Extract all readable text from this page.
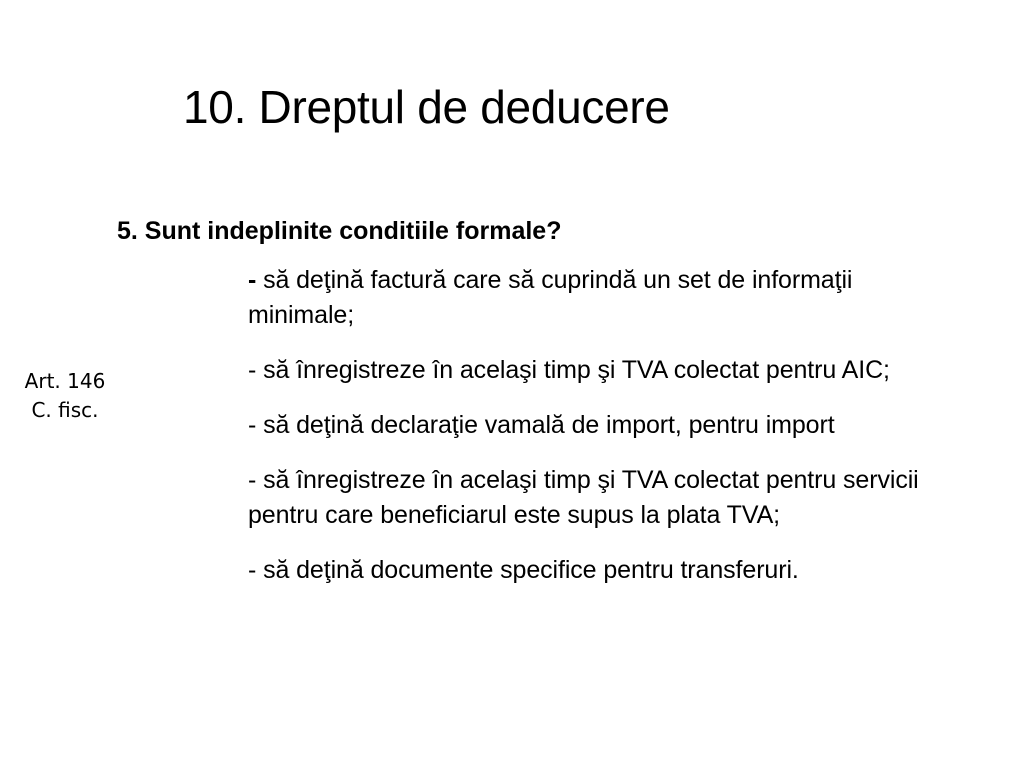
10. Dreptul de deducere
5. Sunt indeplinite conditiile formale?
- să deţină factură care să cuprindă un set de informaţii minimale;
- să înregistreze în acelaşi timp şi TVA colectat pentru AIC;
- să deţină declaraţie vamală de import, pentru import
- să înregistreze în acelaşi timp şi TVA colectat pentru servicii pentru care beneficiarul este supus la plata TVA;
- să deţină documente specifice pentru transferuri.
Art. 146
C. fisc.
